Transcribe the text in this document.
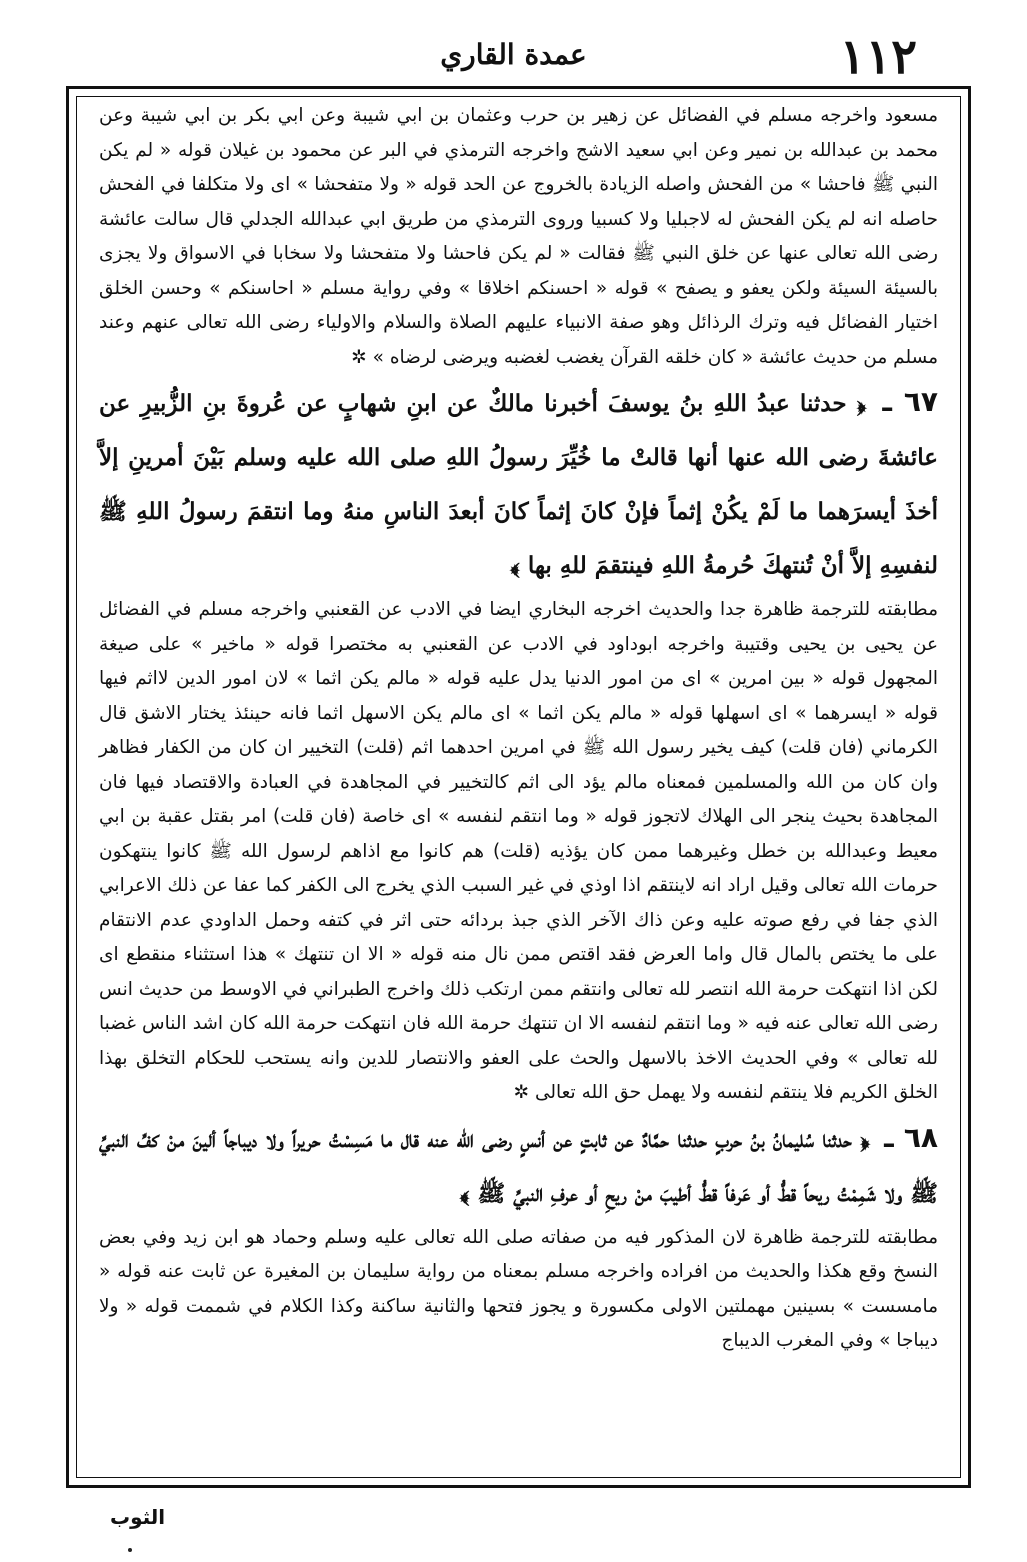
١١٢
عمدة القاري

مسعود واخرجه مسلم في الفضائل عن زهير بن حرب وعثمان بن ابي شيبة وعن ابي بكر بن ابي شيبة وعن محمد بن عبدالله بن نمير وعن ابي سعيد الاشج واخرجه الترمذي في البر عن محمود بن غيلان قوله « لم يكن النبي ﷺ فاحشا » من الفحش واصله الزيادة بالخروج عن الحد قوله « ولا متفحشا » اى ولا متكلفا في الفحش حاصله انه لم يكن الفحش له لاجبليا ولا كسبيا وروى الترمذي من طريق ابي عبدالله الجدلي قال سالت عائشة رضى الله تعالى عنها عن خلق النبي ﷺ فقالت « لم يكن فاحشا ولا متفحشا ولا سخابا في الاسواق ولا يجزى بالسيئة السيئة ولكن يعفو و يصفح » قوله « احسنكم اخلاقا » وفي رواية مسلم « احاسنكم » وحسن الخلق اختيار الفضائل فيه وترك الرذائل وهو صفة الانبياء عليهم الصلاة والسلام والاولياء رضى الله تعالى عنهم وعند مسلم من حديث عائشة « كان خلقه القرآن يغضب لغضبه ويرضى لرضاه » ✲

٦٧ ـ ﴿ حدثنا عبدُ اللهِ بنُ يوسفَ أخبرنا مالكٌ عن ابنِ شهابٍ عن عُروةَ بنِ الزُّبيرِ عن عائشةَ رضى الله عنها أنها قالتْ ما خُيِّرَ رسولُ اللهِ صلى الله عليه وسلم بَيْنَ أمرينِ إلاَّ أخذَ أيسرَهما ما لَمْ يكُنْ إثماً فإنْ كانَ إثماً كانَ أبعدَ الناسِ منهُ وما انتقمَ رسولُ اللهِ ﷺ لنفسِهِ إلاَّ أنْ تُنتهكَ حُرمةُ اللهِ فينتقمَ للهِ بها ﴾

مطابقته للترجمة ظاهرة جدا والحديث اخرجه البخاري ايضا في الادب عن القعنبي واخرجه مسلم في الفضائل عن يحيى بن يحيى وقتيبة واخرجه ابوداود في الادب عن القعنبي به مختصرا قوله « ماخير » على صيغة المجهول قوله « بين امرين » اى من امور الدنيا يدل عليه قوله « مالم يكن اثما » لان امور الدين لااثم فيها قوله « ايسرهما » اى اسهلها قوله « مالم يكن اثما » اى مالم يكن الاسهل اثما فانه حينئذ يختار الاشق قال الكرماني (فان قلت) كيف يخير رسول الله ﷺ في امرين احدهما اثم (قلت) التخيير ان كان من الكفار فظاهر وان كان من الله والمسلمين فمعناه مالم يؤد الى اثم كالتخيير في المجاهدة في العبادة والاقتصاد فيها فان المجاهدة بحيث ينجر الى الهلاك لاتجوز قوله « وما انتقم لنفسه » اى خاصة (فان قلت) امر بقتل عقبة بن ابي معيط وعبدالله بن خطل وغيرهما ممن كان يؤذيه (قلت) هم كانوا مع اذاهم لرسول الله ﷺ كانوا ينتهكون حرمات الله تعالى وقيل اراد انه لاينتقم اذا اوذي في غير السبب الذي يخرج الى الكفر كما عفا عن ذلك الاعرابي الذي جفا في رفع صوته عليه وعن ذاك الآخر الذي جبذ بردائه حتى اثر في كتفه وحمل الداودي عدم الانتقام على ما يختص بالمال قال واما العرض فقد اقتص ممن نال منه قوله « الا ان تنتهك » هذا استثناء منقطع اى لكن اذا انتهكت حرمة الله انتصر لله تعالى وانتقم ممن ارتكب ذلك واخرج الطبراني في الاوسط من حديث انس رضى الله تعالى عنه فيه « وما انتقم لنفسه الا ان تنتهك حرمة الله فان انتهكت حرمة الله كان اشد الناس غضبا لله تعالى » وفي الحديث الاخذ بالاسهل والحث على العفو والانتصار للدين وانه يستحب للحكام التخلق بهذا الخلق الكريم فلا ينتقم لنفسه ولا يهمل حق الله تعالى ✲

٦٨ ـ ﴿ حدثنا سُليمانُ بنُ حربٍ حدثنا حمَّادٌ عن ثابتٍ عن أنسٍ رضى الله عنه قال ما مَسِسْتُ حريراً ولا ديباجاً ألينَ منْ كفِّ النبيِّ ﷺ ولا شَمِمْتُ ريحاً قطُّ أو عَرفاً قطُّ أطيبَ منْ ريحِ أو عرفِ النبيِّ ﷺ ﴾

مطابقته للترجمة ظاهرة لان المذكور فيه من صفاته صلى الله تعالى عليه وسلم وحماد هو ابن زيد وفي بعض النسخ وقع هكذا والحديث من افراده واخرجه مسلم بمعناه من رواية سليمان بن المغيرة عن ثابت عنه قوله « مامسست » بسينين مهملتين الاولى مكسورة و يجوز فتحها والثانية ساكنة وكذا الكلام في شممت قوله « ولا ديباجا » وفي المغرب الديباج

الثوب
